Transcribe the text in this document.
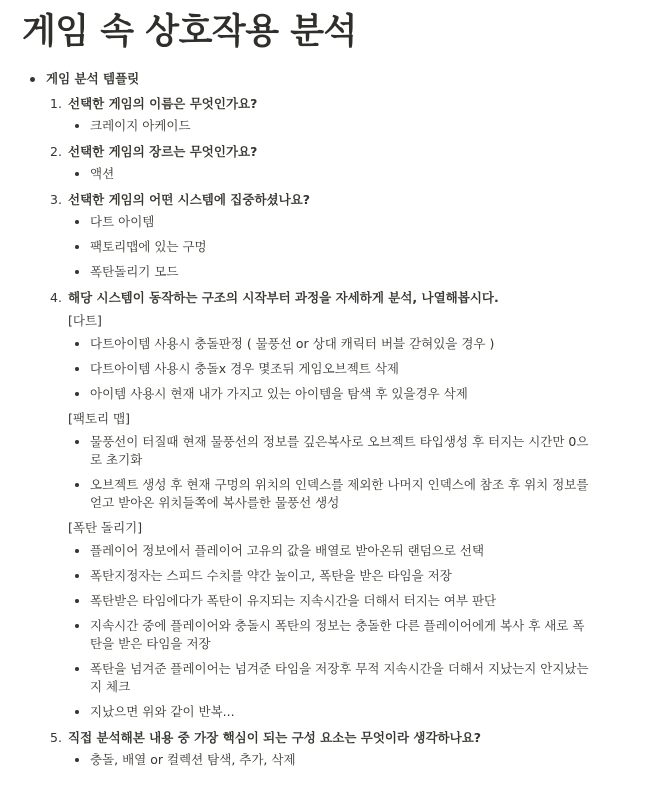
게임 속 상호작용 분석
게임 분석 템플릿
1. 선택한 게임의 이름은 무엇인가요?
크레이지 아케이드
2. 선택한 게임의 장르는 무엇인가요?
액션
3. 선택한 게임의 어떤 시스템에 집중하셨나요?
다트 아이템
팩토리맵에 있는 구멍
폭탄돌리기 모드
4. 해당 시스템이 동작하는 구조의 시작부터 과정을 자세하게 분석, 나열해봅시다.
[다트]
다트아이템 사용시 충돌판정 ( 물풍선 or 상대 캐릭터 버블 갇혀있을 경우 )
다트아이템 사용시 충돌x 경우 몇조뒤 게임오브젝트 삭제
아이템 사용시 현재 내가 가지고 있는 아이템을 탐색 후 있을경우 삭제
[팩토리 맵]
물풍선이 터질때 현재 물풍선의 정보를 깊은복사로 오브젝트 타입생성 후 터지는 시간만 0으로 초기화
오브젝트 생성 후 현재 구멍의 위치의 인덱스를 제외한 나머지 인덱스에 참조 후 위치 정보를 얻고 받아온 위치들쪽에 복사를한 물풍선 생성
[폭탄 돌리기]
플레이어 정보에서 플레이어 고유의 값을 배열로 받아온뒤 랜덤으로 선택
폭탄지정자는 스피드 수치를 약간 높이고, 폭탄을 받은 타임을 저장
폭탄받은 타임에다가 폭탄이 유지되는 지속시간을 더해서 터지는 여부 판단
지속시간 중에 플레이어와 충돌시 폭탄의 정보는 충돌한 다른 플레이어에게 복사 후 새로 폭탄을 받은 타임을 저장
폭탄을 넘겨준 플레이어는 넘겨준 타임을 저장후 무적 지속시간을 더해서 지났는지 안지났는지 체크
지났으면 위와 같이 반복...
5. 직접 분석해본 내용 중 가장 핵심이 되는 구성 요소는 무엇이라 생각하나요?
충돌, 배열 or 컬렉션 탐색, 추가, 삭제
